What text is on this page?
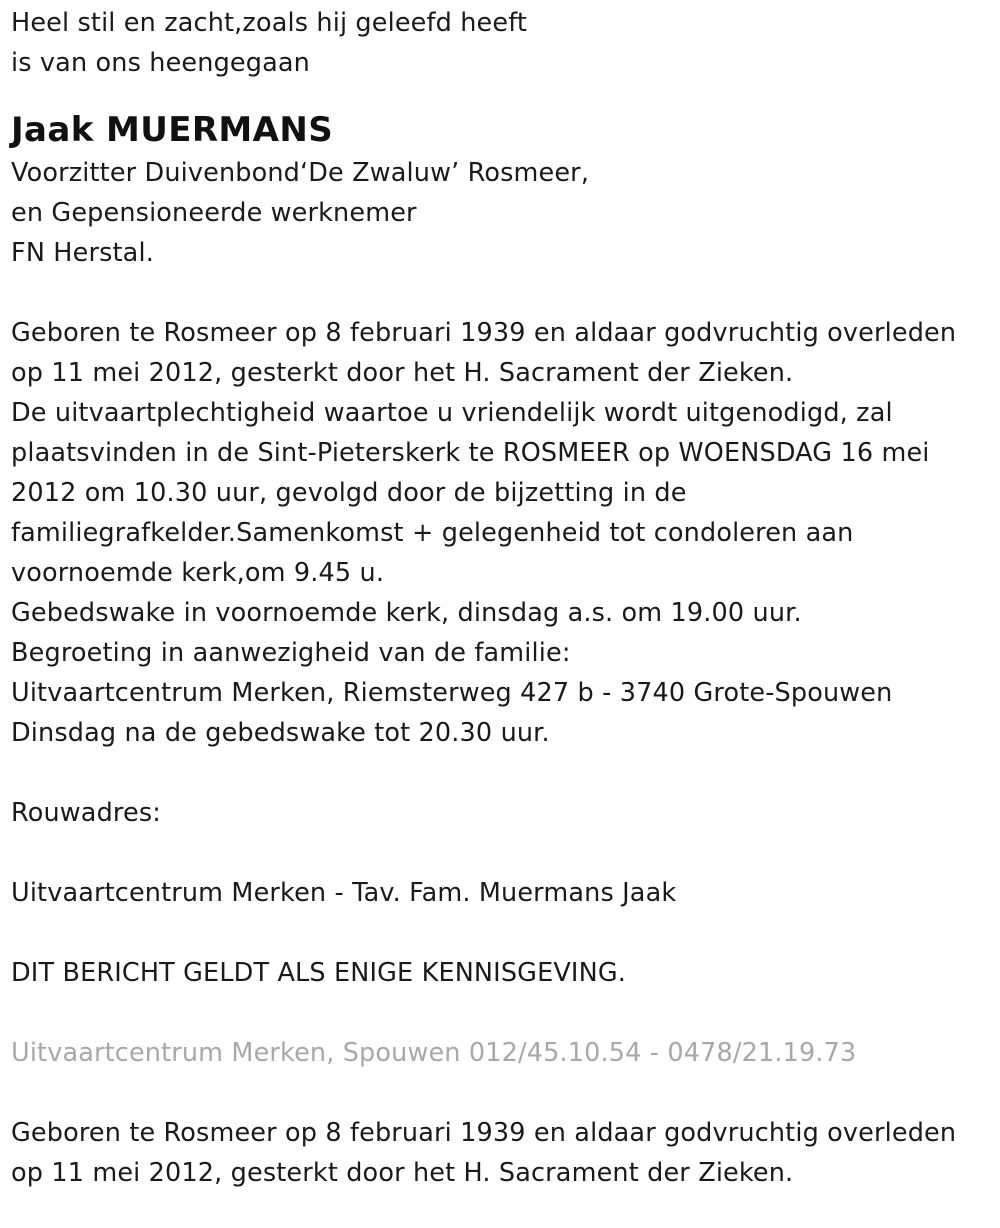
Heel stil en zacht,zoals hij geleefd heeft
is van ons heengegaan
Jaak MUERMANS
Voorzitter Duivenbond‘De Zwaluw’ Rosmeer,
en Gepensioneerde werknemer
FN Herstal.
Geboren te Rosmeer op 8 februari 1939 en aldaar godvruchtig overleden
op 11 mei 2012, gesterkt door het H. Sacrament der Zieken.
De uitvaartplechtigheid waartoe u vriendelijk wordt uitgenodigd, zal
plaatsvinden in de Sint-Pieterskerk te ROSMEER op WOENSDAG 16 mei
2012 om 10.30 uur, gevolgd door de bijzetting in de
familiegrafkelder.Samenkomst + gelegenheid tot condoleren aan
voornoemde kerk,om 9.45 u.
Gebedswake in voornoemde kerk, dinsdag a.s. om 19.00 uur.
Begroeting in aanwezigheid van de familie:
Uitvaartcentrum Merken, Riemsterweg 427 b - 3740 Grote-Spouwen
Dinsdag na de gebedswake tot 20.30 uur.
Rouwadres:
Uitvaartcentrum Merken - Tav. Fam. Muermans Jaak
DIT BERICHT GELDT ALS ENIGE KENNISGEVING.
Uitvaartcentrum Merken, Spouwen 012/45.10.54 - 0478/21.19.73
Geboren te Rosmeer op 8 februari 1939 en aldaar godvruchtig overleden
op 11 mei 2012, gesterkt door het H. Sacrament der Zieken.
